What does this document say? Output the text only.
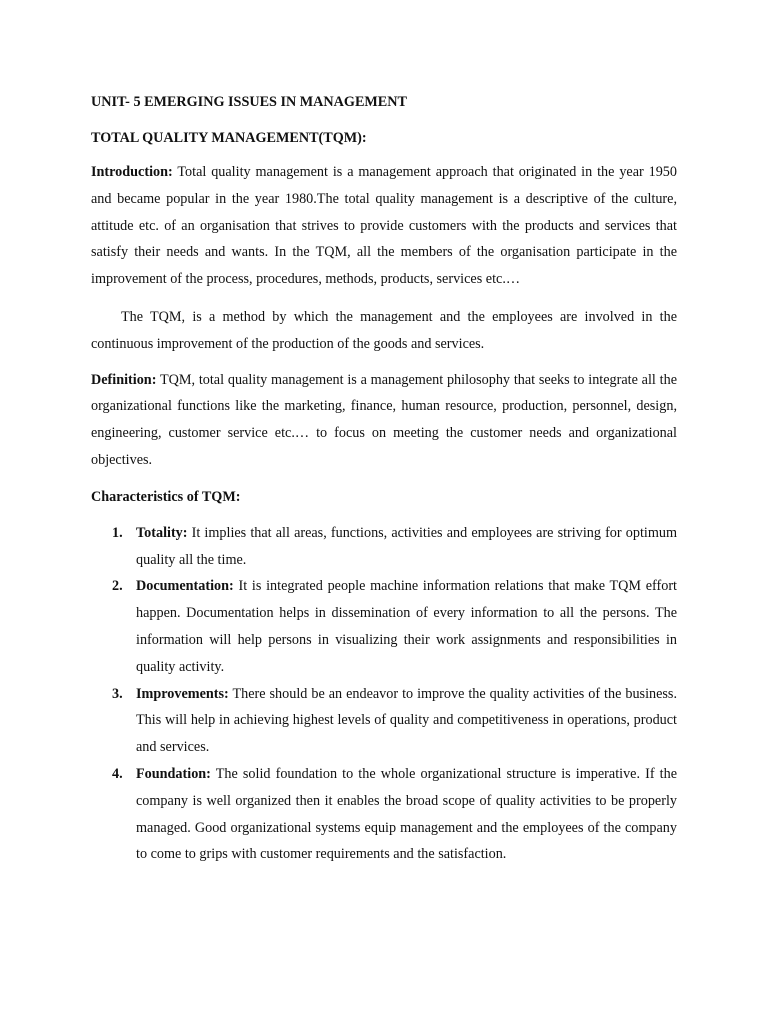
UNIT- 5 EMERGING ISSUES IN MANAGEMENT
TOTAL QUALITY MANAGEMENT(TQM):

Introduction: Total quality management is a management approach that originated in the year 1950 and became popular in the year 1980.The total quality management is a descriptive of the culture, attitude etc. of an organisation that strives to provide customers with the products and services that satisfy their needs and wants. In the TQM, all the members of the organisation participate in the improvement of the process, procedures, methods, products, services etc.…

The TQM, is a method by which the management and the employees are involved in the continuous improvement of the production of the goods and services.

Definition: TQM, total quality management is a management philosophy that seeks to integrate all the organizational functions like the marketing, finance, human resource, production, personnel, design, engineering, customer service etc.… to focus on meeting the customer needs and organizational objectives.

Characteristics of TQM:
1. Totality: It implies that all areas, functions, activities and employees are striving for optimum quality all the time.
2. Documentation: It is integrated people machine information relations that make TQM effort happen. Documentation helps in dissemination of every information to all the persons. The information will help persons in visualizing their work assignments and responsibilities in quality activity.
3. Improvements: There should be an endeavor to improve the quality activities of the business. This will help in achieving highest levels of quality and competitiveness in operations, product and services.
4. Foundation: The solid foundation to the whole organizational structure is imperative. If the company is well organized then it enables the broad scope of quality activities to be properly managed. Good organizational systems equip management and the employees of the company to come to grips with customer requirements and the satisfaction.
